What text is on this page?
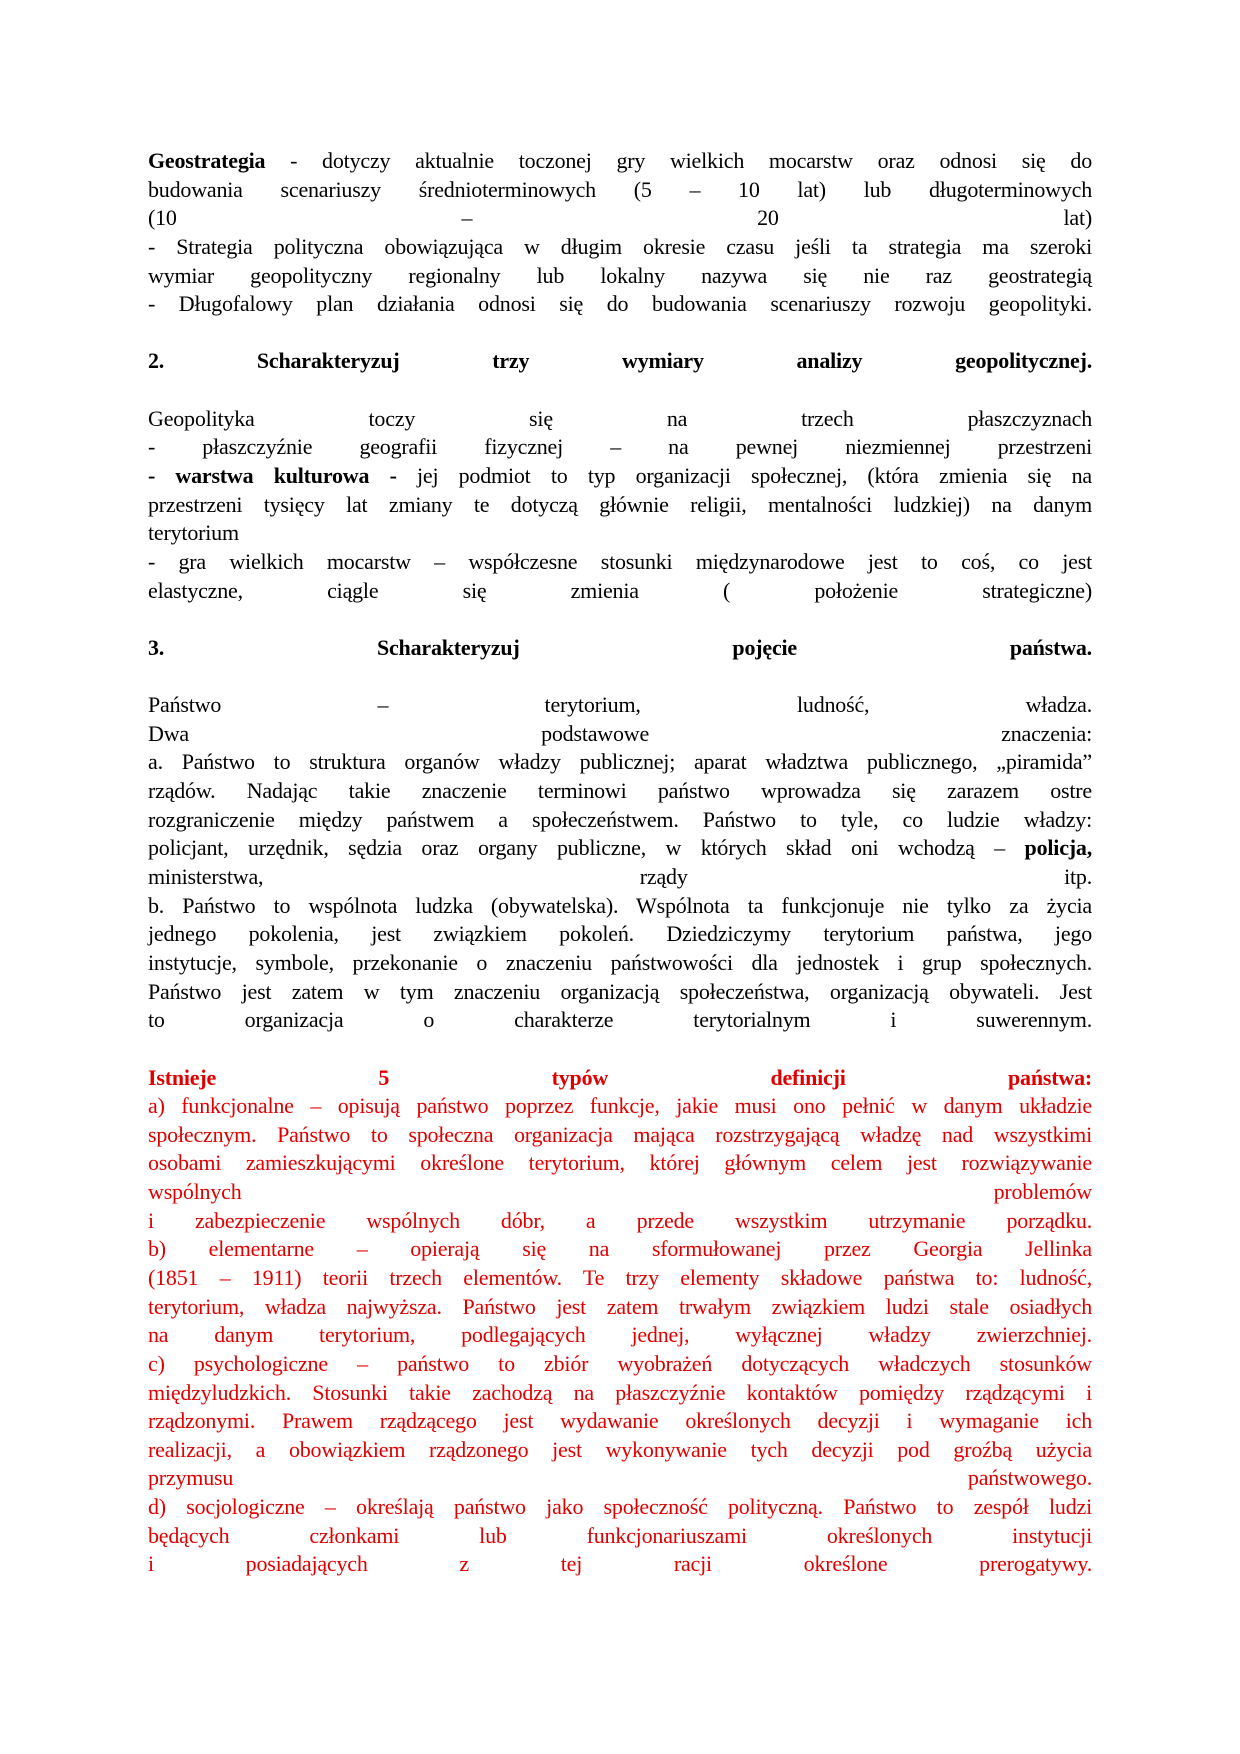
Geostrategia - dotyczy aktualnie toczonej gry wielkich mocarstw oraz odnosi się do
budowania scenariuszy średnioterminowych (5 – 10 lat) lub długoterminowych
(10 – 20 lat)
- Strategia polityczna obowiązująca w długim okresie czasu jeśli ta strategia ma szeroki
wymiar geopolityczny regionalny lub lokalny nazywa się nie raz geostrategią
- Długofalowy plan działania odnosi się do budowania scenariuszy rozwoju geopolityki.
2. Scharakteryzuj trzy wymiary analizy geopolitycznej.
Geopolityka toczy się na trzech płaszczyznach
- płaszczyźnie geografii fizycznej – na pewnej niezmiennej przestrzeni
- warstwa kulturowa - jej podmiot to typ organizacji społecznej, (która zmienia się na
przestrzeni tysięcy lat zmiany te dotyczą głównie religii, mentalności ludzkiej) na danym
terytorium
- gra wielkich mocarstw – współczesne stosunki międzynarodowe jest to coś, co jest
elastyczne, ciągle się zmienia ( położenie strategiczne)
3. Scharakteryzuj pojęcie państwa.
Państwo – terytorium, ludność, władza.
Dwa podstawowe znaczenia:
a. Państwo to struktura organów władzy publicznej; aparat władztwa publicznego, „piramida”
rządów. Nadając takie znaczenie terminowi państwo wprowadza się zarazem ostre
rozgraniczenie między państwem a społeczeństwem. Państwo to tyle, co ludzie władzy:
policjant, urzędnik, sędzia oraz organy publiczne, w których skład oni wchodzą – policja,
ministerstwa, rządy itp.
b. Państwo to wspólnota ludzka (obywatelska). Wspólnota ta funkcjonuje nie tylko za życia
jednego pokolenia, jest związkiem pokoleń. Dziedziczymy terytorium państwa, jego
instytucje, symbole, przekonanie o znaczeniu państwowości dla jednostek i grup społecznych.
Państwo jest zatem w tym znaczeniu organizacją społeczeństwa, organizacją obywateli. Jest
to organizacja o charakterze terytorialnym i suwerennym.
Istnieje 5 typów definicji państwa:
a) funkcjonalne – opisują państwo poprzez funkcje, jakie musi ono pełnić w danym układzie
społecznym. Państwo to społeczna organizacja mająca rozstrzygającą władzę nad wszystkimi
osobami zamieszkującymi określone terytorium, której głównym celem jest rozwiązywanie
wspólnych problemów
i zabezpieczenie wspólnych dóbr, a przede wszystkim utrzymanie porządku.
b) elementarne – opierają się na sformułowanej przez Georgia Jellinka
(1851 – 1911) teorii trzech elementów. Te trzy elementy składowe państwa to: ludność,
terytorium, władza najwyższa. Państwo jest zatem trwałym związkiem ludzi stale osiadłych
na danym terytorium, podlegających jednej, wyłącznej władzy zwierzchniej.
c) psychologiczne – państwo to zbiór wyobrażeń dotyczących władczych stosunków
międzyludzkich. Stosunki takie zachodzą na płaszczyźnie kontaktów pomiędzy rządzącymi i
rządzonymi. Prawem rządzącego jest wydawanie określonych decyzji i wymaganie ich
realizacji, a obowiązkiem rządzonego jest wykonywanie tych decyzji pod groźbą użycia
przymusu państwowego.
d) socjologiczne – określają państwo jako społeczność polityczną. Państwo to zespół ludzi
będących członkami lub funkcjonariuszami określonych instytucji
i posiadających z tej racji określone prerogatywy.
